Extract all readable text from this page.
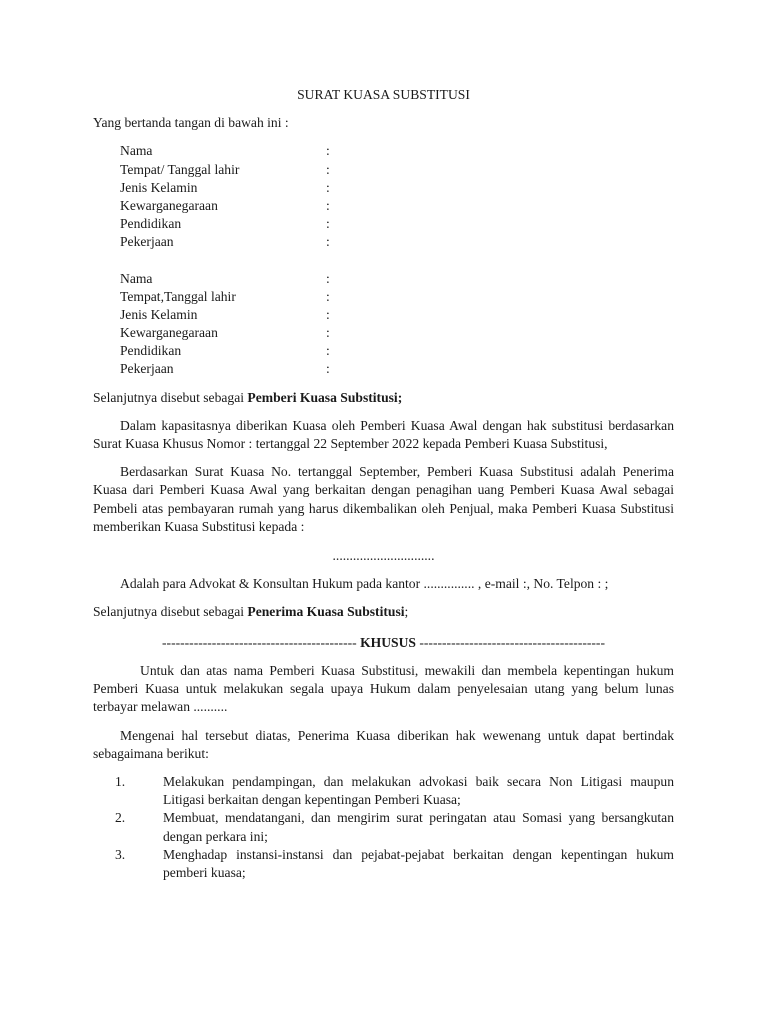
SURAT KUASA SUBSTITUSI

Yang bertanda tangan di bawah ini :

Nama	:
Tempat/ Tanggal lahir	:
Jenis Kelamin	:
Kewarganegaraan	:
Pendidikan	:
Pekerjaan	:
Nama	:
Tempat,Tanggal lahir	:
Jenis Kelamin	:
Kewarganegaraan	:
Pendidikan	:
Pekerjaan	:

Selanjutnya disebut sebagai Pemberi Kuasa Substitusi;

Dalam kapasitasnya diberikan Kuasa oleh Pemberi Kuasa Awal dengan hak substitusi berdasarkan Surat Kuasa Khusus Nomor : tertanggal 22 September 2022 kepada Pemberi Kuasa Substitusi,

Berdasarkan Surat Kuasa No. tertanggal September, Pemberi Kuasa Substitusi adalah Penerima Kuasa dari Pemberi Kuasa Awal yang berkaitan dengan penagihan uang Pemberi Kuasa Awal sebagai Pembeli atas pembayaran rumah yang harus dikembalikan oleh Penjual, maka Pemberi Kuasa Substitusi memberikan Kuasa Substitusi kepada :

..............................

Adalah para Advokat & Konsultan Hukum pada kantor ............... , e-mail :, No. Telpon : ;

Selanjutnya disebut sebagai Penerima Kuasa Substitusi;

------------------------------------------- KHUSUS -----------------------------------------

Untuk dan atas nama Pemberi Kuasa Substitusi, mewakili dan membela kepentingan hukum Pemberi Kuasa untuk melakukan segala upaya Hukum dalam penyelesaian utang yang belum lunas terbayar melawan ..........

Mengenai hal tersebut diatas, Penerima Kuasa diberikan hak wewenang untuk dapat bertindak sebagaimana berikut:

1.	Melakukan pendampingan, dan melakukan advokasi baik secara Non Litigasi maupun Litigasi berkaitan dengan kepentingan Pemberi Kuasa;
2.	Membuat, mendatangani, dan mengirim surat peringatan atau Somasi yang bersangkutan dengan perkara ini;
3.	Menghadap instansi-instansi dan pejabat-pejabat berkaitan dengan kepentingan hukum pemberi kuasa;
